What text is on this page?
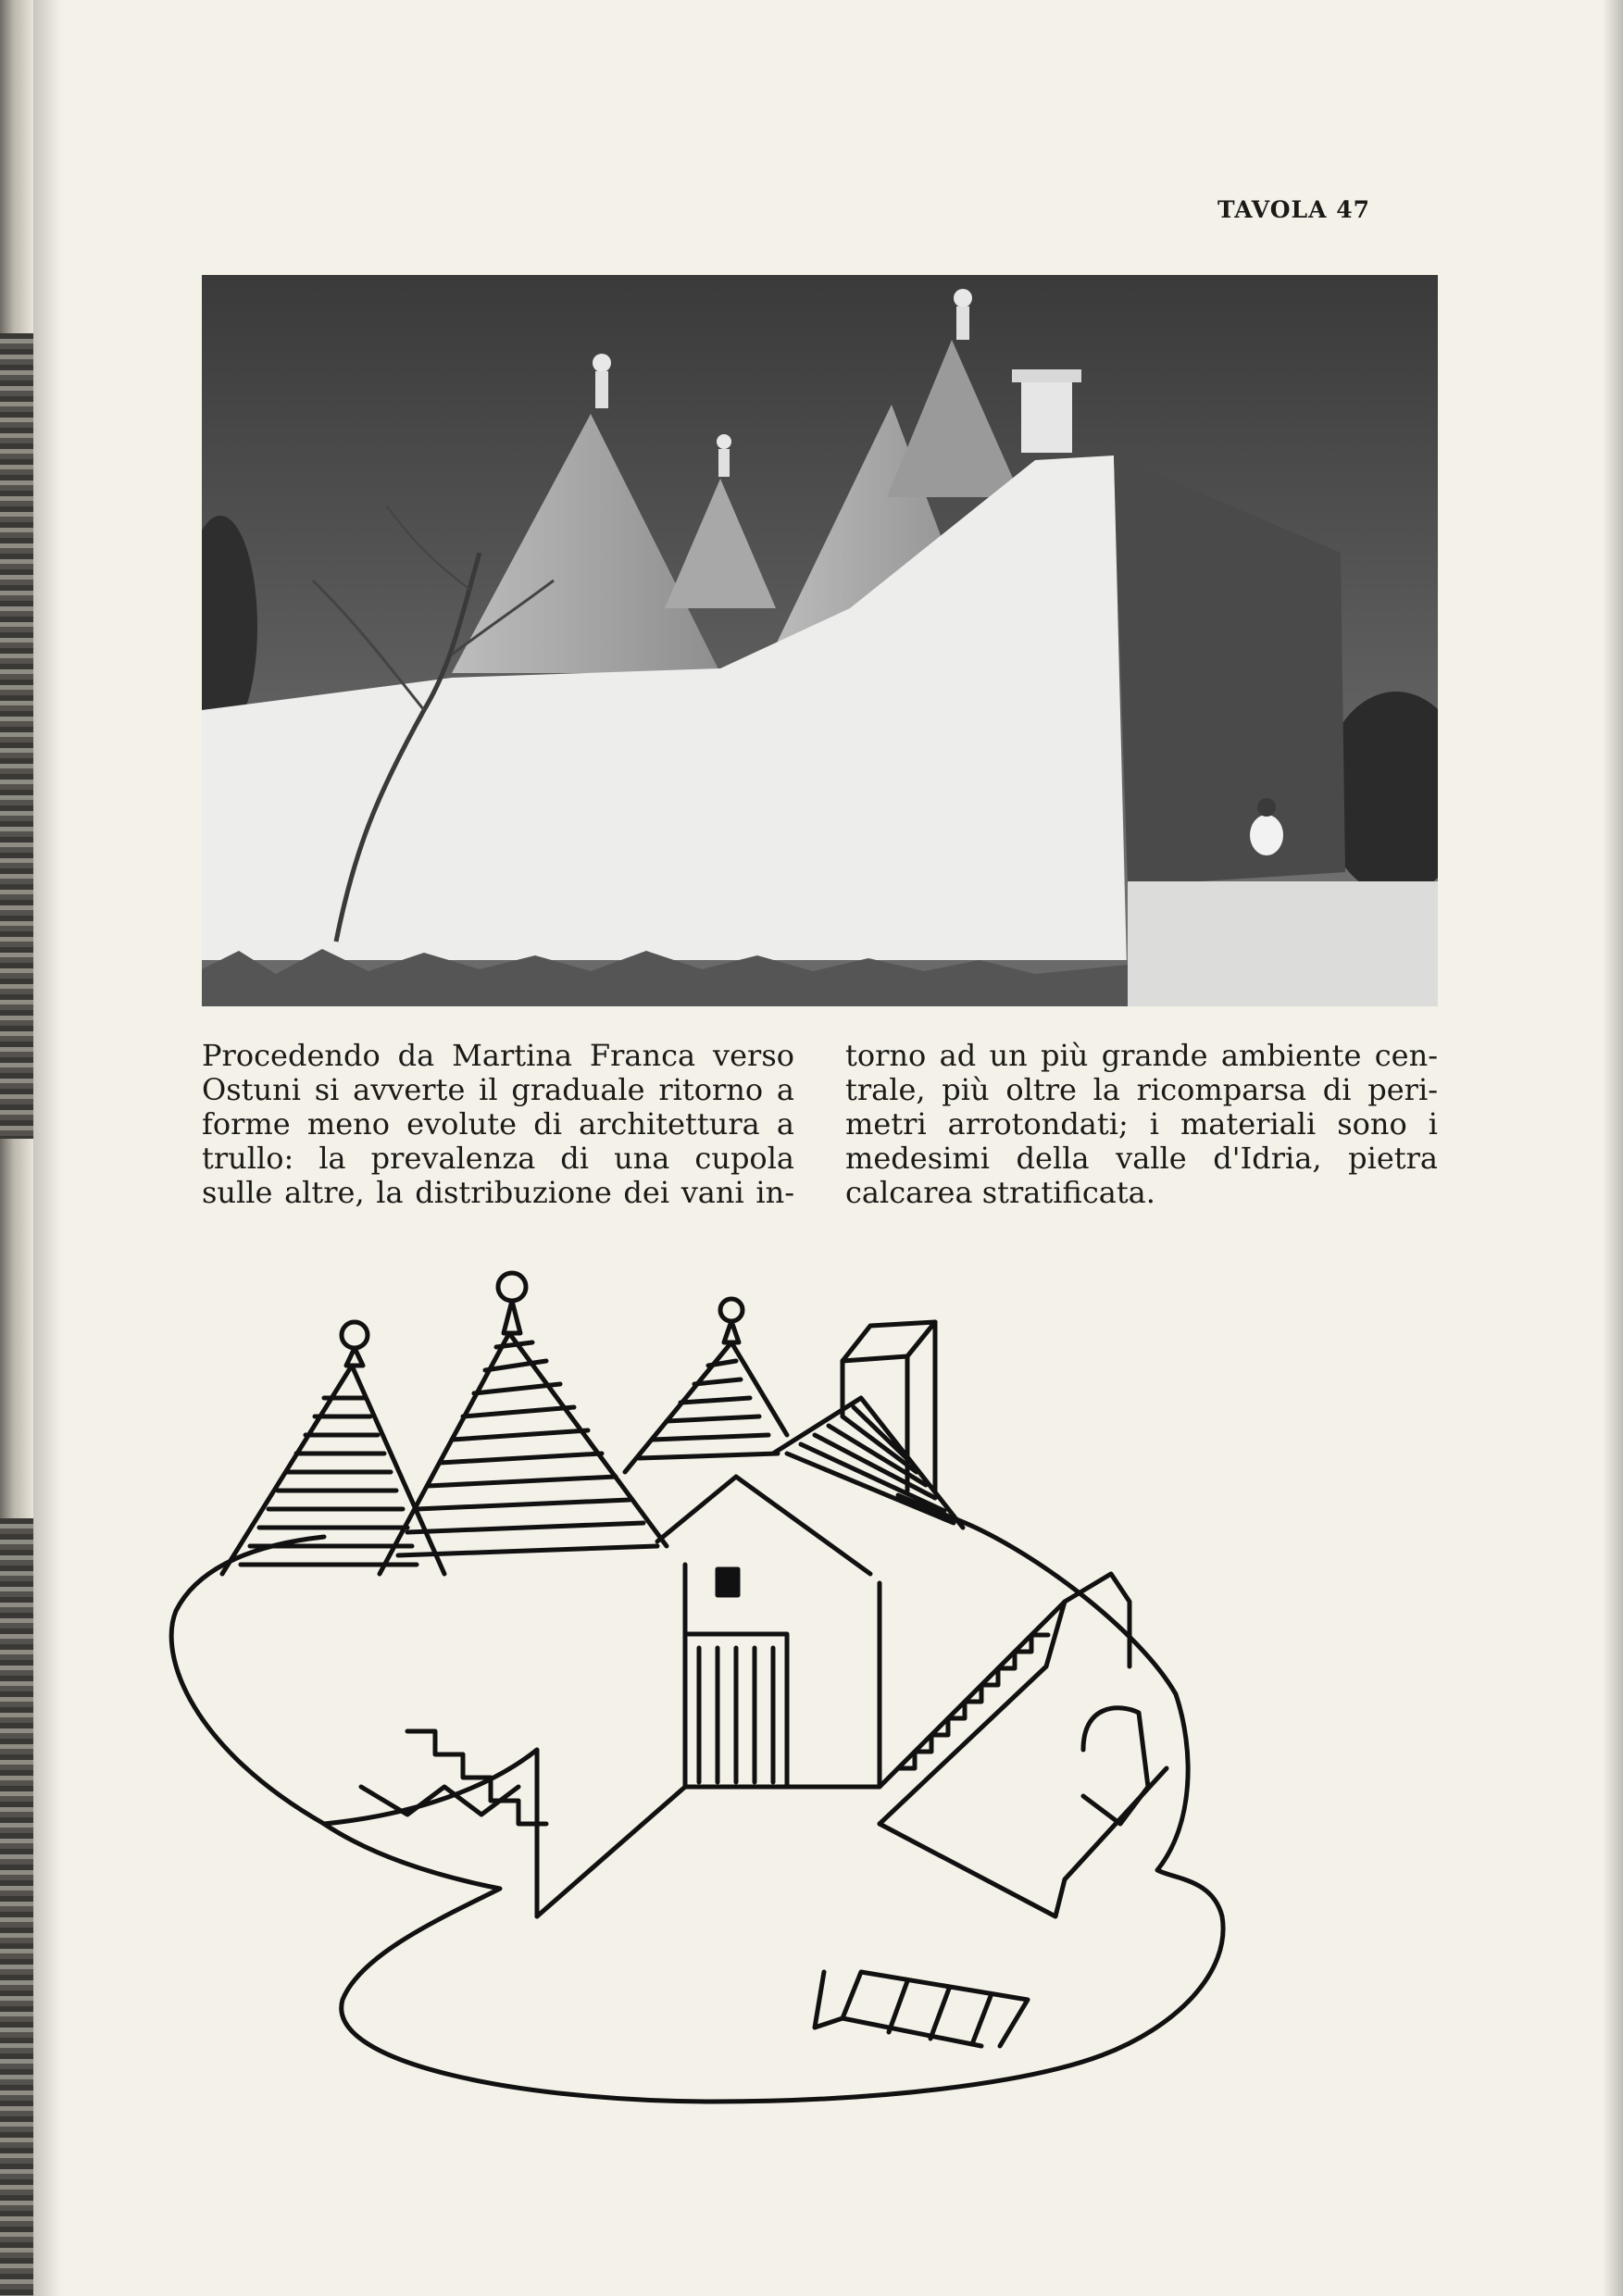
TAVOLA 47
Procedendo da Martina Franca verso
Ostuni si avverte il graduale ritorno a
forme meno evolute di architettura a
trullo: la prevalenza di una cupola
sulle altre, la distribuzione dei vani in-
torno ad un più grande ambiente cen-
trale, più oltre la ricomparsa di peri-
metri arrotondati; i materiali sono i
medesimi della valle d'Idria, pietra
calcarea stratificata.
